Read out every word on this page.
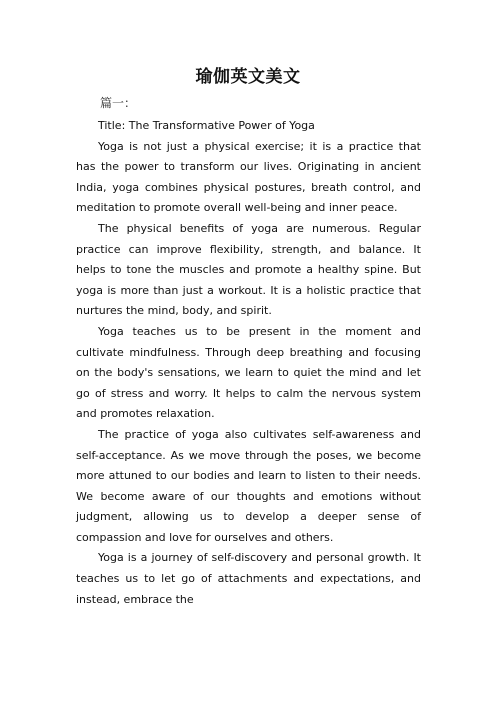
瑜伽英文美文
篇一：

Title: The Transformative Power of Yoga

Yoga is not just a physical exercise; it is a practice that has the power to transform our lives. Originating in ancient India, yoga combines physical postures, breath control, and meditation to promote overall well-being and inner peace.

The physical benefits of yoga are numerous. Regular practice can improve flexibility, strength, and balance. It helps to tone the muscles and promote a healthy spine. But yoga is more than just a workout. It is a holistic practice that nurtures the mind, body, and spirit.

Yoga teaches us to be present in the moment and cultivate mindfulness. Through deep breathing and focusing on the body's sensations, we learn to quiet the mind and let go of stress and worry. It helps to calm the nervous system and promotes relaxation.

The practice of yoga also cultivates self-awareness and self-acceptance. As we move through the poses, we become more attuned to our bodies and learn to listen to their needs. We become aware of our thoughts and emotions without judgment, allowing us to develop a deeper sense of compassion and love for ourselves and others.

Yoga is a journey of self-discovery and personal growth. It teaches us to let go of attachments and expectations, and instead, embrace the
